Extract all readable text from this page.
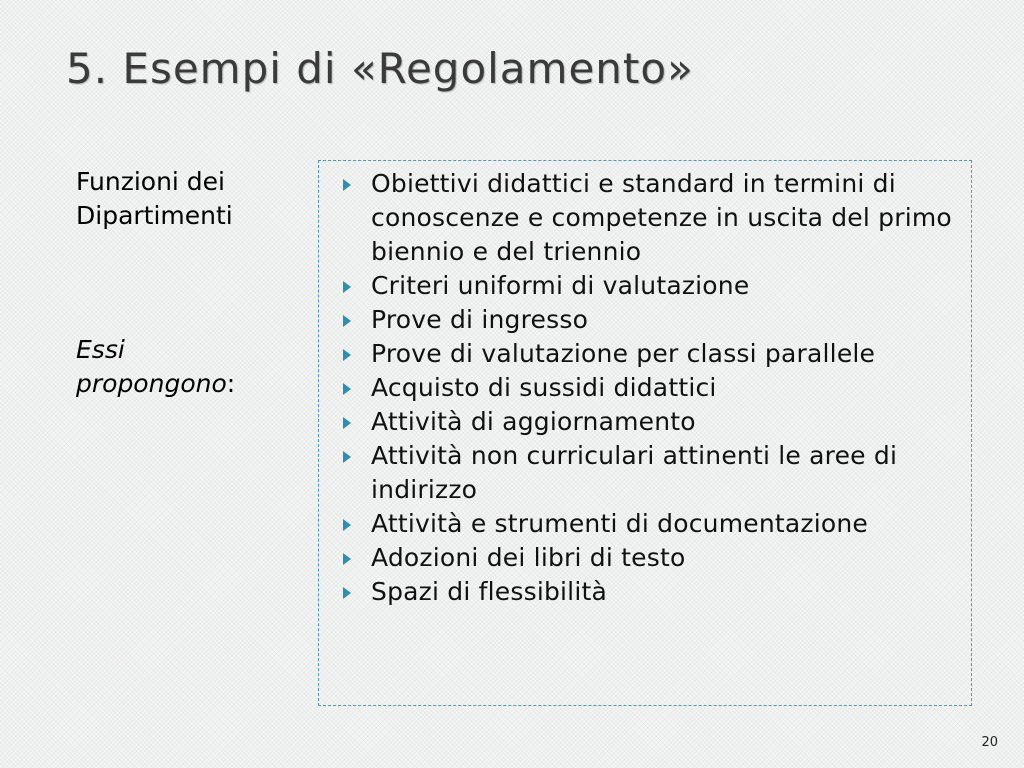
5. Esempi di «Regolamento»
Funzioni dei
Dipartimenti
Essi
propongono:
Obiettivi didattici e standard in termini di conoscenze e competenze in uscita del primo biennio e del triennio
Criteri uniformi di valutazione
Prove di ingresso
Prove di valutazione per classi parallele
Acquisto di sussidi didattici
Attività di aggiornamento
Attività non curriculari attinenti le aree di indirizzo
Attività e strumenti di documentazione
Adozioni dei libri di testo
Spazi di flessibilità
20
